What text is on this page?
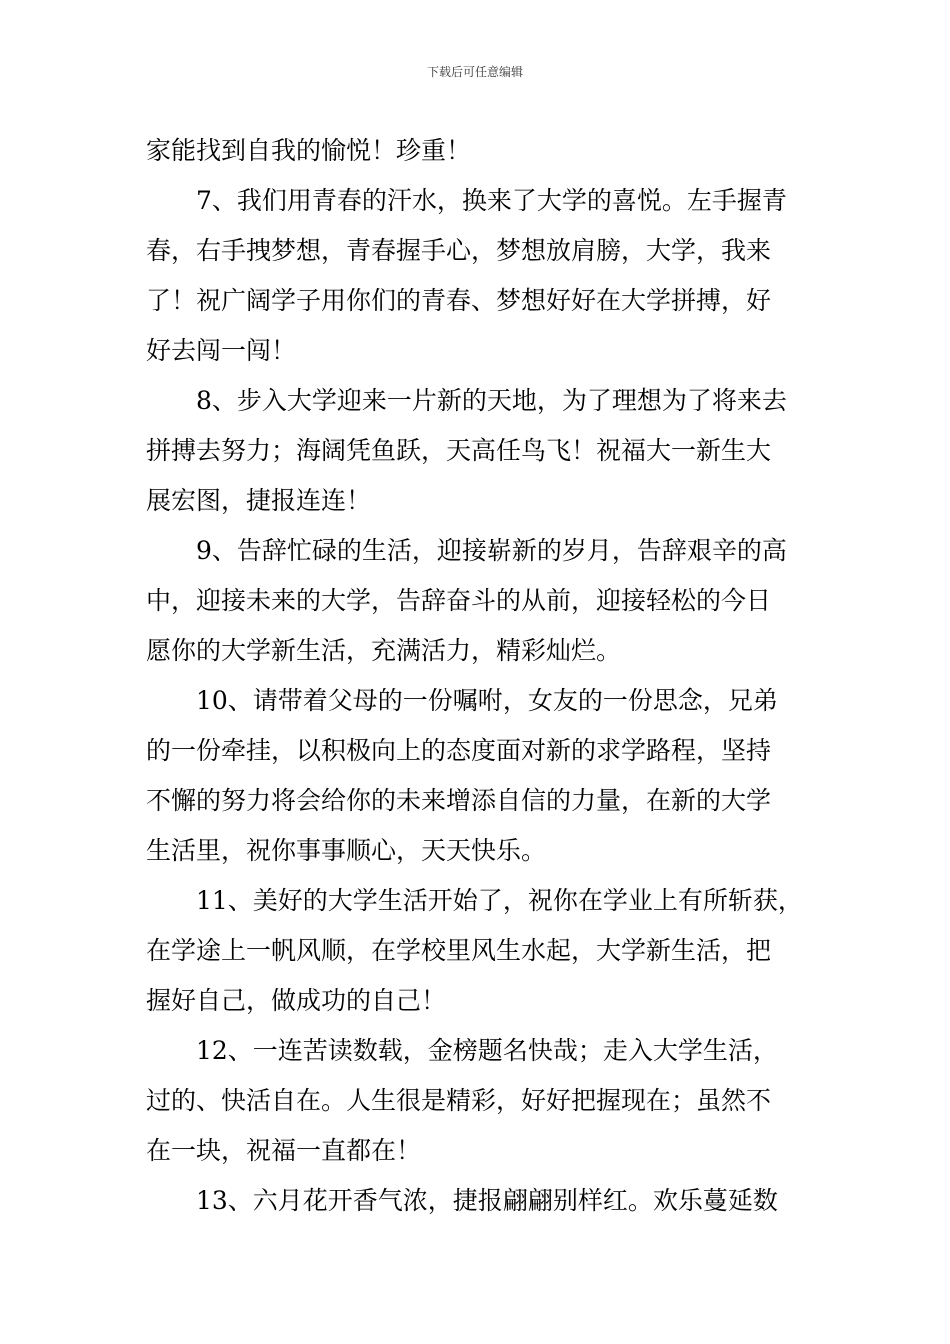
下载后可任意编辑
家能找到自我的愉悦！珍重！
7、我们用青春的汗水，换来了大学的喜悦。左手握青
春，右手拽梦想，青春握手心，梦想放肩膀，大学，我来
了！祝广阔学子用你们的青春、梦想好好在大学拼搏，好
好去闯一闯！
8、步入大学迎来一片新的天地，为了理想为了将来去
拼搏去努力；海阔凭鱼跃，天高任鸟飞！祝福大一新生大
展宏图，捷报连连！
9、告辞忙碌的生活，迎接崭新的岁月，告辞艰辛的高
中，迎接未来的大学，告辞奋斗的从前，迎接轻松的今日
愿你的大学新生活，充满活力，精彩灿烂。
10、请带着父母的一份嘱咐，女友的一份思念，兄弟
的一份牵挂，以积极向上的态度面对新的求学路程，坚持
不懈的努力将会给你的未来增添自信的力量，在新的大学
生活里，祝你事事顺心，天天快乐。
11、美好的大学生活开始了，祝你在学业上有所斩获，
在学途上一帆风顺，在学校里风生水起，大学新生活，把
握好自己，做成功的自己！
12、一连苦读数载，金榜题名快哉；走入大学生活，
过的、快活自在。人生很是精彩，好好把握现在；虽然不
在一块，祝福一直都在！
13、六月花开香气浓，捷报翩翩别样红。欢乐蔓延数
